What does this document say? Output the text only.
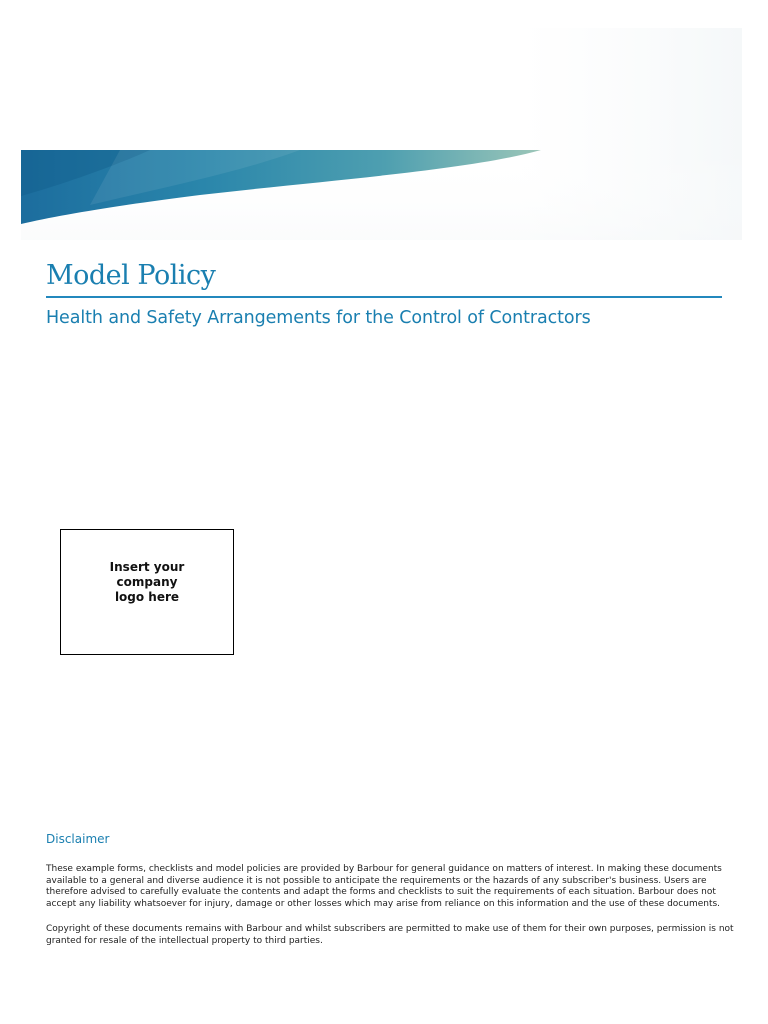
Model Policy
Health and Safety Arrangements for the Control of Contractors
Insert your company logo here
Disclaimer

These example forms, checklists and model policies are provided by Barbour for general guidance on matters of interest. In making these documents available to a general and diverse audience it is not possible to anticipate the requirements or the hazards of any subscriber's business. Users are therefore advised to carefully evaluate the contents and adapt the forms and checklists to suit the requirements of each situation. Barbour does not accept any liability whatsoever for injury, damage or other losses which may arise from reliance on this information and the use of these documents.

Copyright of these documents remains with Barbour and whilst subscribers are permitted to make use of them for their own purposes, permission is not granted for resale of the intellectual property to third parties.
